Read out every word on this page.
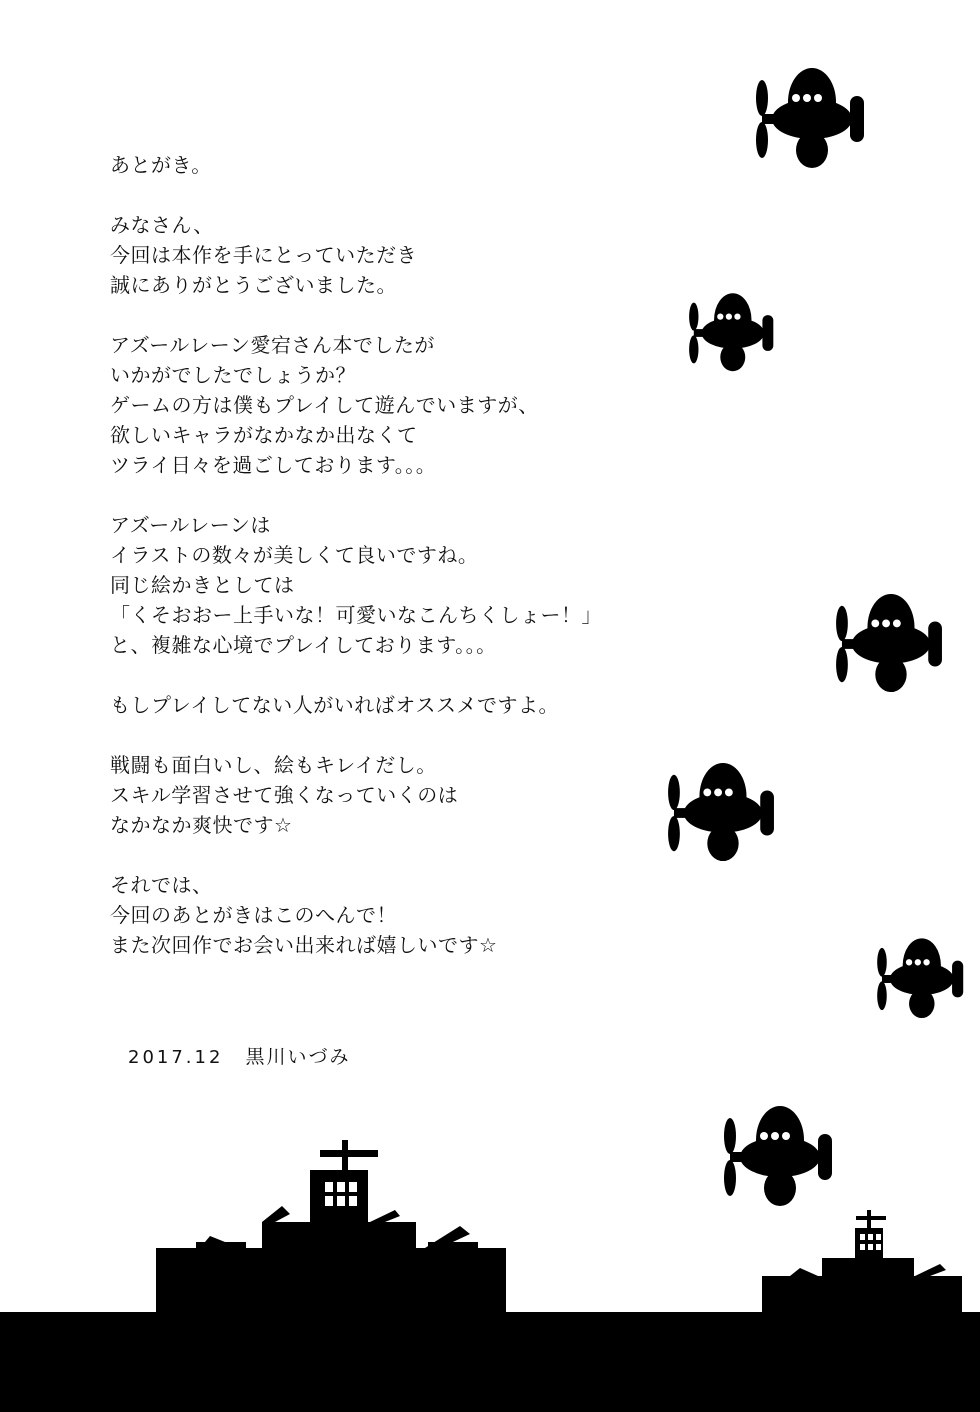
あとがき。
みなさん、
今回は本作を手にとっていただき
誠にありがとうございました。
アズールレーン愛宕さん本でしたが
いかがでしたでしょうか？
ゲームの方は僕もプレイして遊んでいますが、
欲しいキャラがなかなか出なくて
ツライ日々を過ごしております。。。
アズールレーンは
イラストの数々が美しくて良いですね。
同じ絵かきとしては
「くそおおー上手いな！可愛いなこんちくしょー！」
と、複雑な心境でプレイしております。。。
もしプレイしてない人がいればオススメですよ。
戦闘も面白いし、絵もキレイだし。
スキル学習させて強くなっていくのは
なかなか爽快です☆
それでは、
今回のあとがきはこのへんで！
また次回作でお会い出来れば嬉しいです☆
2017.12 黒川いづみ
